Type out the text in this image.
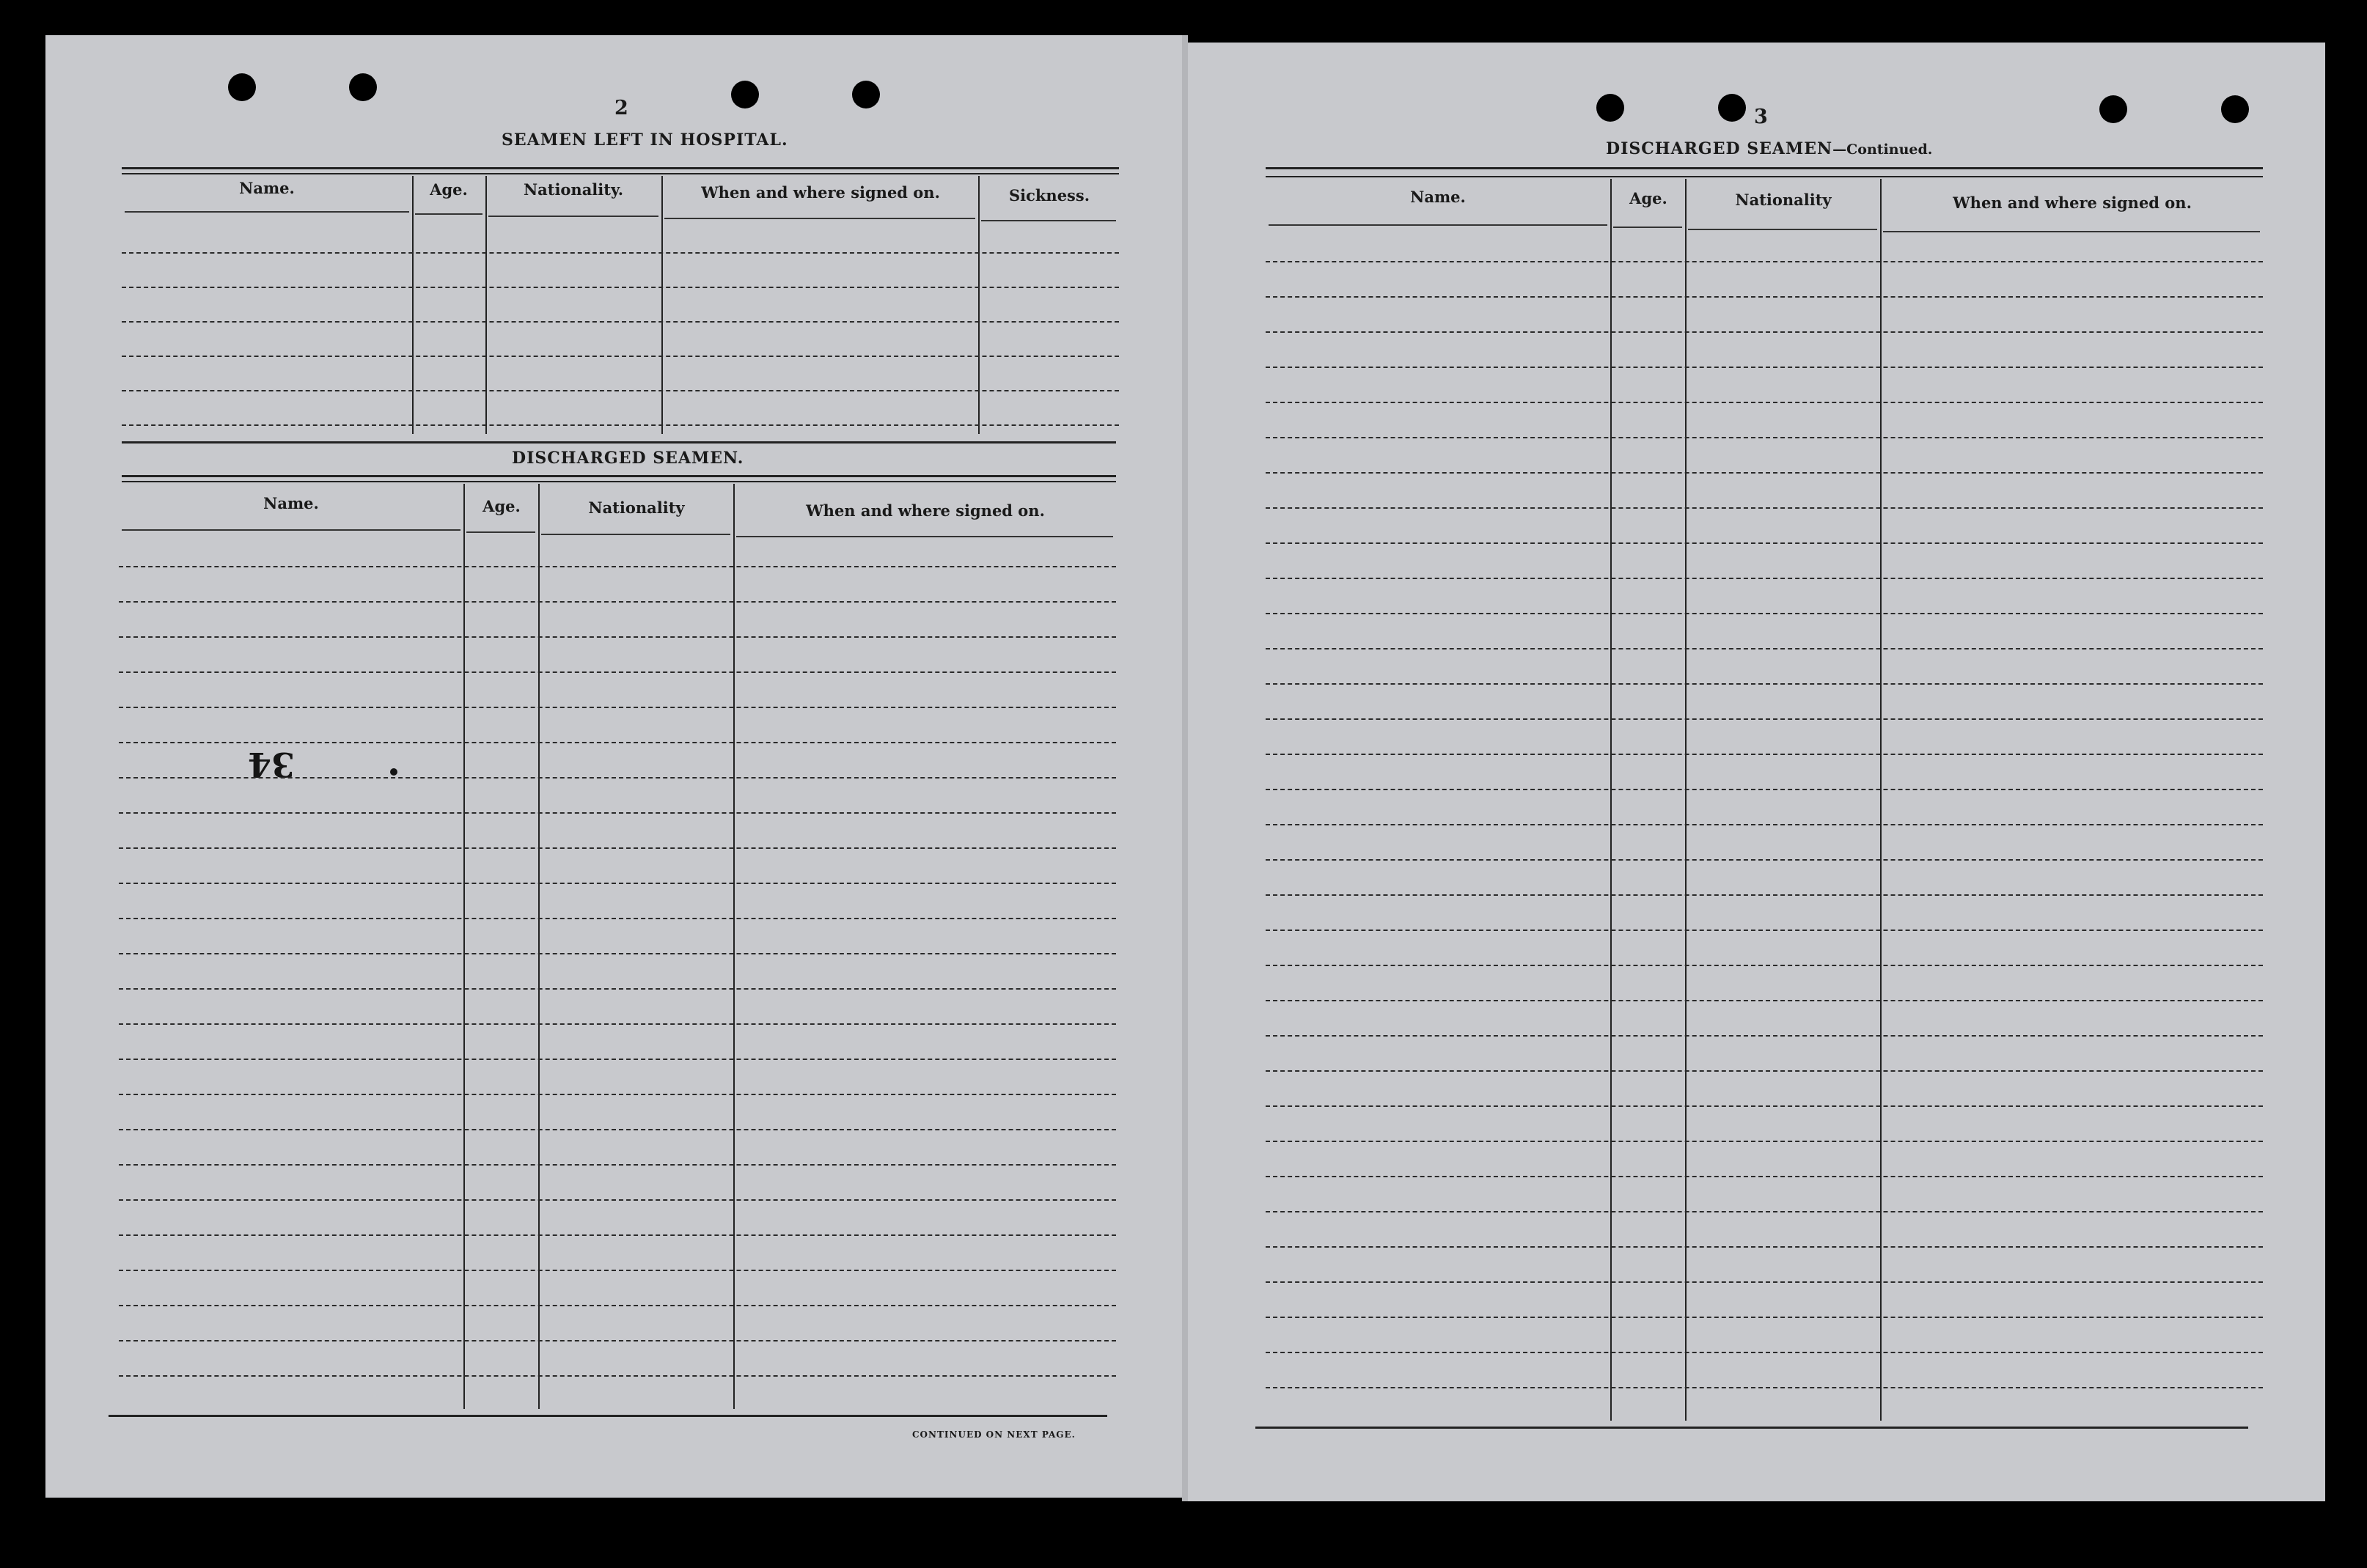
2
SEAMEN LEFT IN HOSPITAL.
Name.	Age.	Nationality.	When and where signed on.	Sickness.
DISCHARGED SEAMEN.
Name.	Age.	Nationality	When and where signed on.
CONTINUED ON NEXT PAGE.
34
3
DISCHARGED SEAMEN—Continued.
Name.	Age.	Nationality	When and where signed on.
